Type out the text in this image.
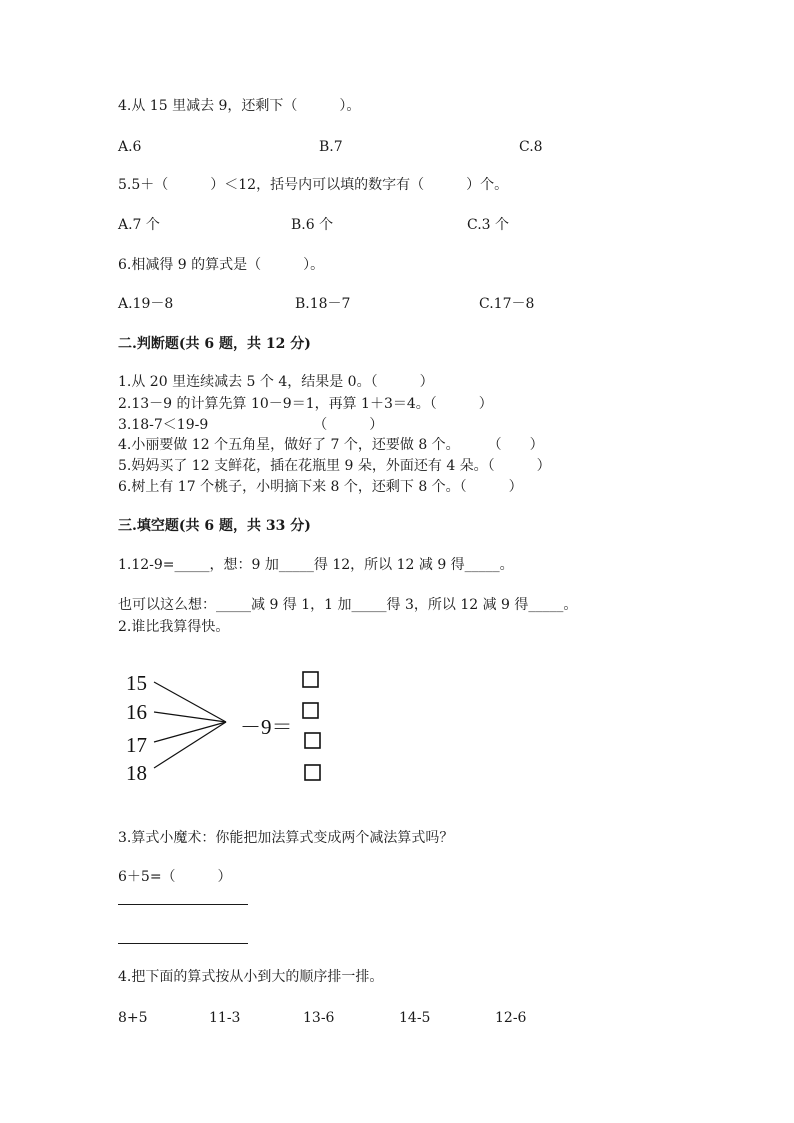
4.从 15 里减去 9，还剩下（　　　）。
A.6	B.7	C.8
5.5＋（　　　）＜12，括号内可以填的数字有（　　　）个。
A.7 个	B.6 个	C.3 个
6.相减得 9 的算式是（　　　）。
A.19－8	B.18－7	C.17－8
二.判断题(共 6 题，共 12 分)
1.从 20 里连续减去 5 个 4，结果是 0。（　　　）
2.13－9 的计算先算 10－9＝1，再算 1＋3＝4。（　　　）
3.18-7＜19-9　　　　　　　　（　　　）
4.小丽要做 12 个五角星，做好了 7 个，还要做 8 个。　　　（　　）
5.妈妈买了 12 支鲜花，插在花瓶里 9 朵，外面还有 4 朵。（　　　）
6.树上有 17 个桃子，小明摘下来 8 个，还剩下 8 个。（　　　）
三.填空题(共 6 题，共 33 分)
1.12-9=_____，想：9 加_____得 12，所以 12 减 9 得_____。
也可以这么想：_____减 9 得 1，1 加_____得 3，所以 12 减 9 得_____。
2.谁比我算得快。
15
16
17
18
－9＝
3.算式小魔术：你能把加法算式变成两个减法算式吗？
6＋5=（　　　）
4.把下面的算式按从小到大的顺序排一排。
8+5	11-3	13-6	14-5	12-6
